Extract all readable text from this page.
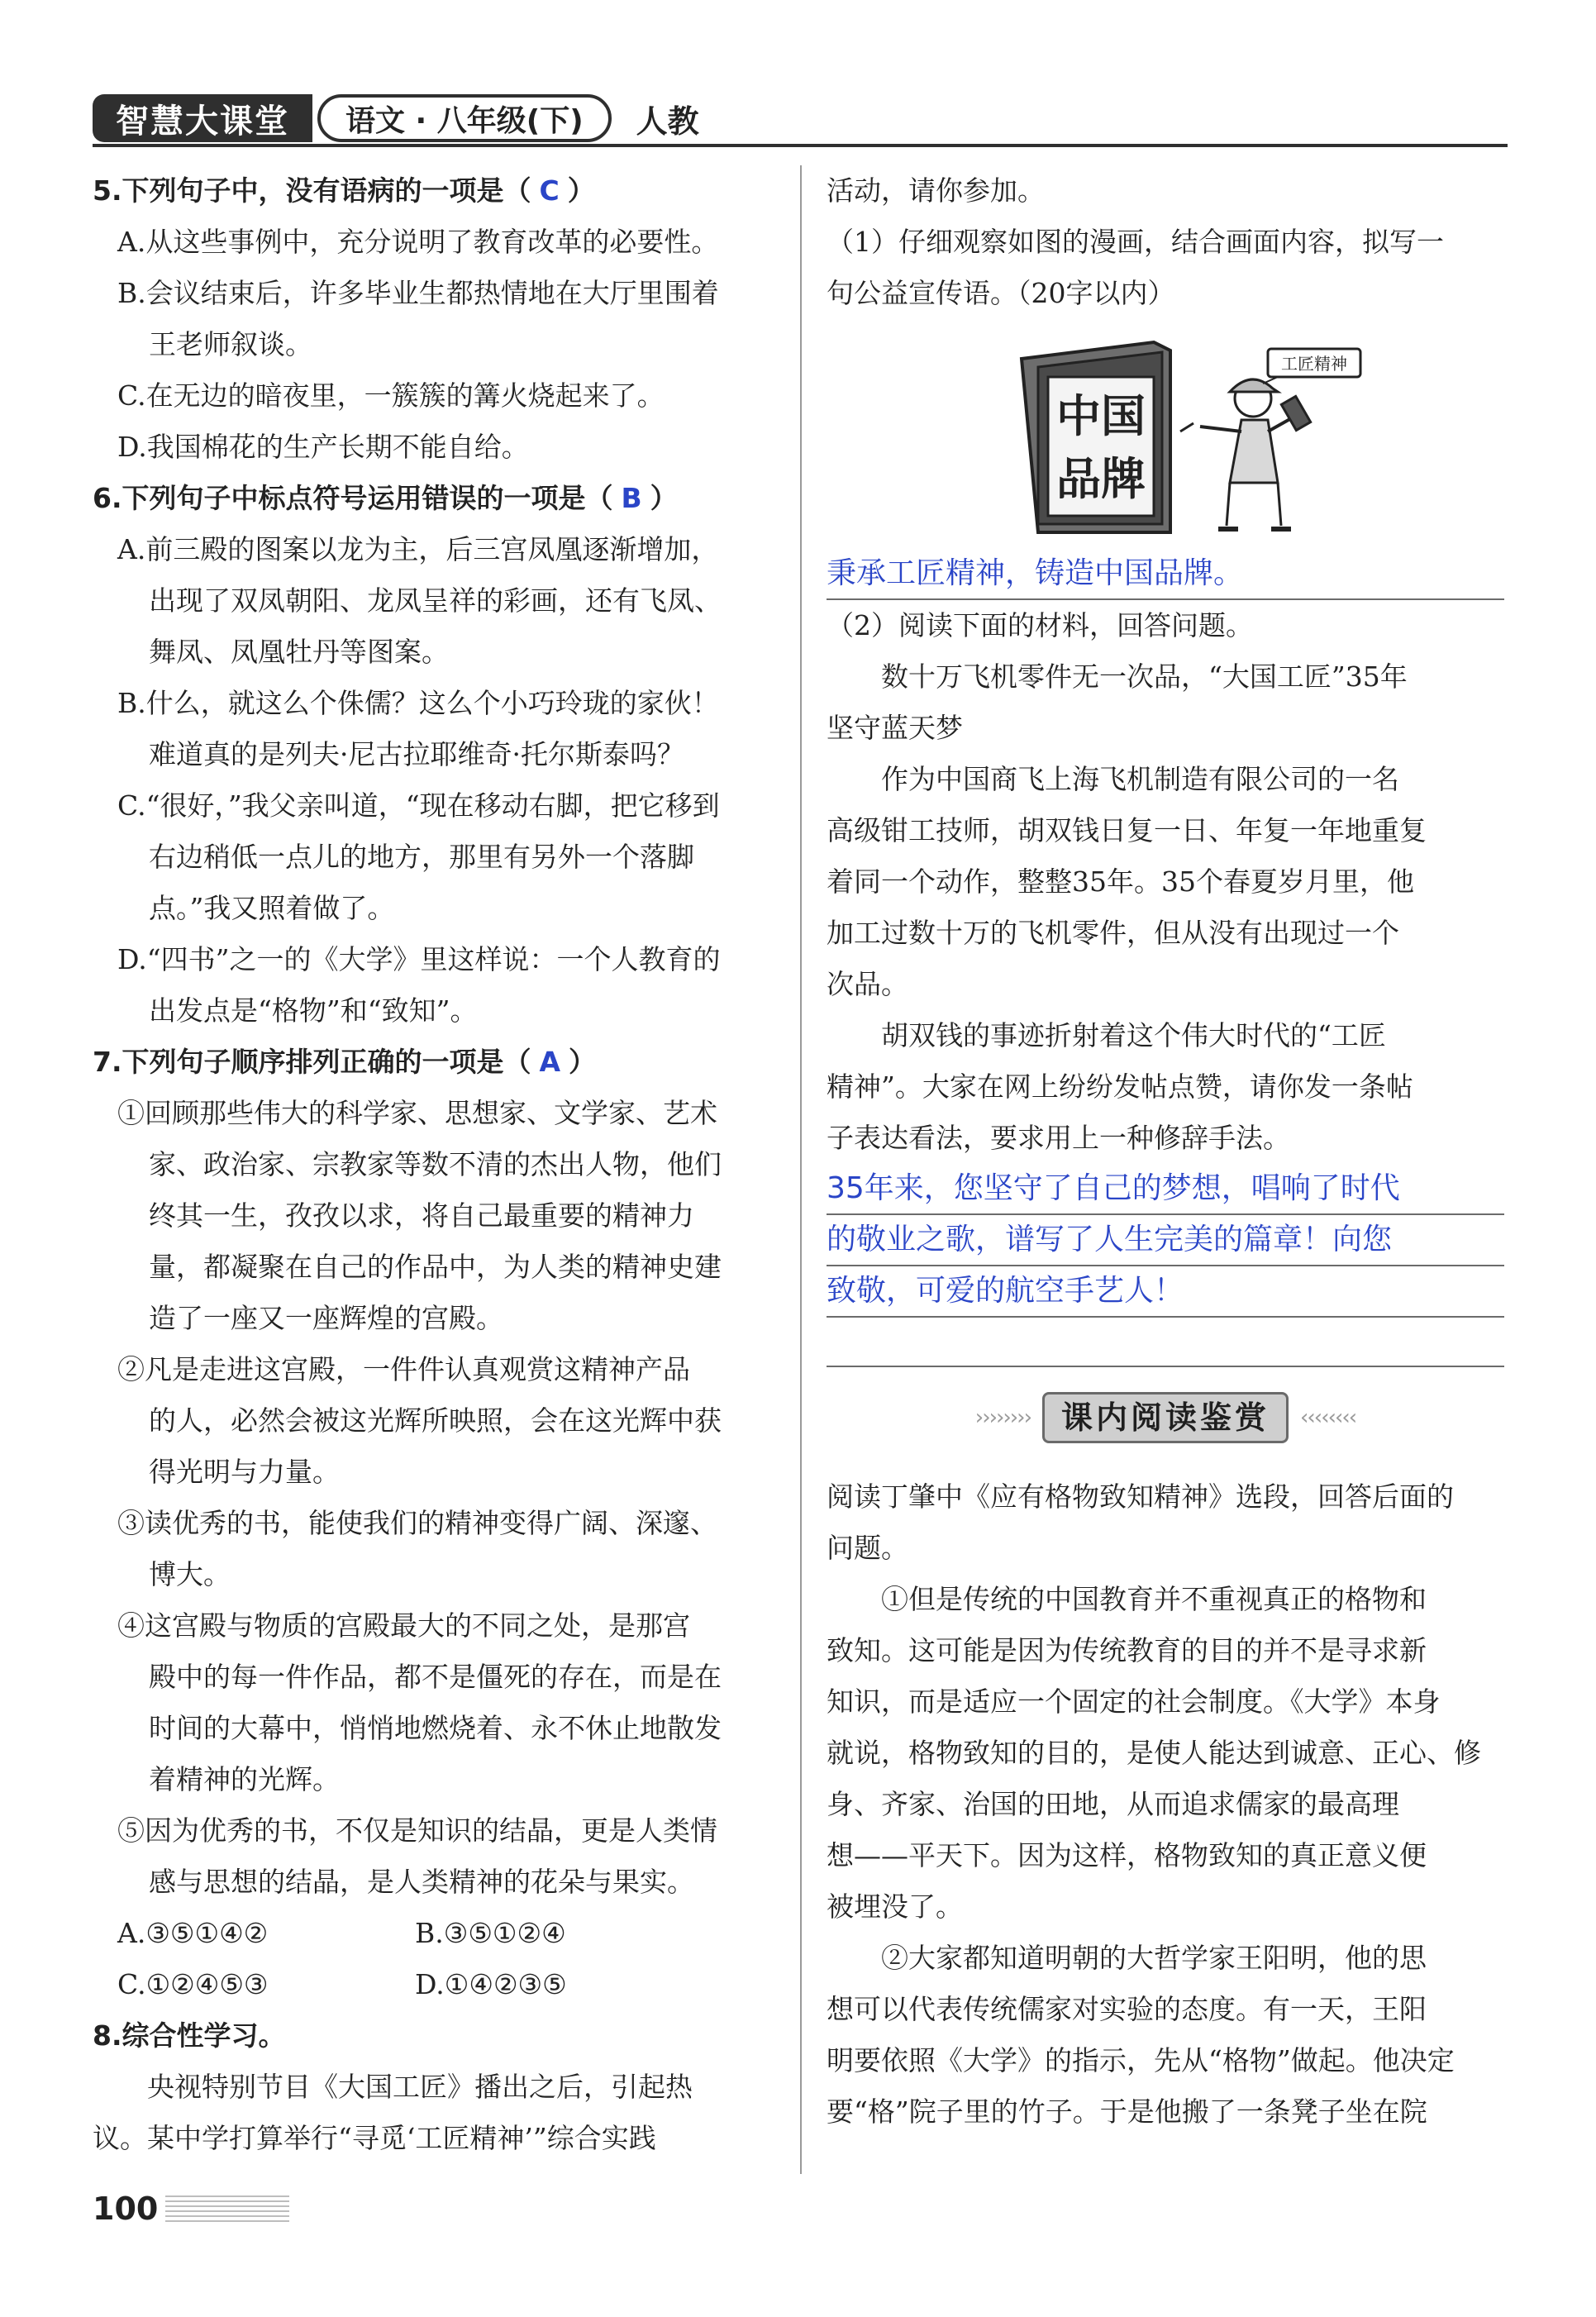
智慧大课堂	语文 · 八年级(下)	人教
5.下列句子中，没有语病的一项是（ C ）
A.从这些事例中，充分说明了教育改革的必要性。
B.会议结束后，许多毕业生都热情地在大厅里围着
王老师叙谈。
C.在无边的暗夜里，一簇簇的篝火烧起来了。
D.我国棉花的生产长期不能自给。
6.下列句子中标点符号运用错误的一项是（ B ）
A.前三殿的图案以龙为主，后三宫凤凰逐渐增加，
出现了双凤朝阳、龙凤呈祥的彩画，还有飞凤、
舞凤、凤凰牡丹等图案。
B.什么，就这么个侏儒？这么个小巧玲珑的家伙！
难道真的是列夫·尼古拉耶维奇·托尔斯泰吗？
C.“很好，”我父亲叫道，“现在移动右脚，把它移到
右边稍低一点儿的地方，那里有另外一个落脚
点。”我又照着做了。
D.“四书”之一的《大学》里这样说：一个人教育的
出发点是“格物”和“致知”。
7.下列句子顺序排列正确的一项是（ A ）
①回顾那些伟大的科学家、思想家、文学家、艺术
家、政治家、宗教家等数不清的杰出人物，他们
终其一生，孜孜以求，将自己最重要的精神力
量，都凝聚在自己的作品中，为人类的精神史建
造了一座又一座辉煌的宫殿。
②凡是走进这宫殿，一件件认真观赏这精神产品
的人，必然会被这光辉所映照，会在这光辉中获
得光明与力量。
③读优秀的书，能使我们的精神变得广阔、深邃、
博大。
④这宫殿与物质的宫殿最大的不同之处，是那宫
殿中的每一件作品，都不是僵死的存在，而是在
时间的大幕中，悄悄地燃烧着、永不休止地散发
着精神的光辉。
⑤因为优秀的书，不仅是知识的结晶，更是人类情
感与思想的结晶，是人类精神的花朵与果实。
A.③⑤①④②	B.③⑤①②④
C.①②④⑤③	D.①④②③⑤
8.综合性学习。
央视特别节目《大国工匠》播出之后，引起热
议。某中学打算举行“寻觅‘工匠精神’”综合实践
活动，请你参加。
（1）仔细观察如图的漫画，结合画面内容，拟写一
句公益宣传语。（20字以内）
中国
品牌
工匠精神
秉承工匠精神，铸造中国品牌。
（2）阅读下面的材料，回答问题。
数十万飞机零件无一次品，“大国工匠”35年
坚守蓝天梦
作为中国商飞上海飞机制造有限公司的一名
高级钳工技师，胡双钱日复一日、年复一年地重复
着同一个动作，整整35年。35个春夏岁月里，他
加工过数十万的飞机零件，但从没有出现过一个
次品。
胡双钱的事迹折射着这个伟大时代的“工匠
精神”。大家在网上纷纷发帖点赞，请你发一条帖
子表达看法，要求用上一种修辞手法。
35年来，您坚守了自己的梦想，唱响了时代
的敬业之歌，谱写了人生完美的篇章！向您
致敬，可爱的航空手艺人！
›››››››› 课内阅读鉴赏	‹‹‹‹‹‹‹‹
阅读丁肇中《应有格物致知精神》选段，回答后面的
问题。
①但是传统的中国教育并不重视真正的格物和
致知。这可能是因为传统教育的目的并不是寻求新
知识，而是适应一个固定的社会制度。《大学》本身
就说，格物致知的目的，是使人能达到诚意、正心、修
身、齐家、治国的田地，从而追求儒家的最高理
想——平天下。因为这样，格物致知的真正意义便
被埋没了。
②大家都知道明朝的大哲学家王阳明，他的思
想可以代表传统儒家对实验的态度。有一天，王阳
明要依照《大学》的指示，先从“格物”做起。他决定
要“格”院子里的竹子。于是他搬了一条凳子坐在院
100
